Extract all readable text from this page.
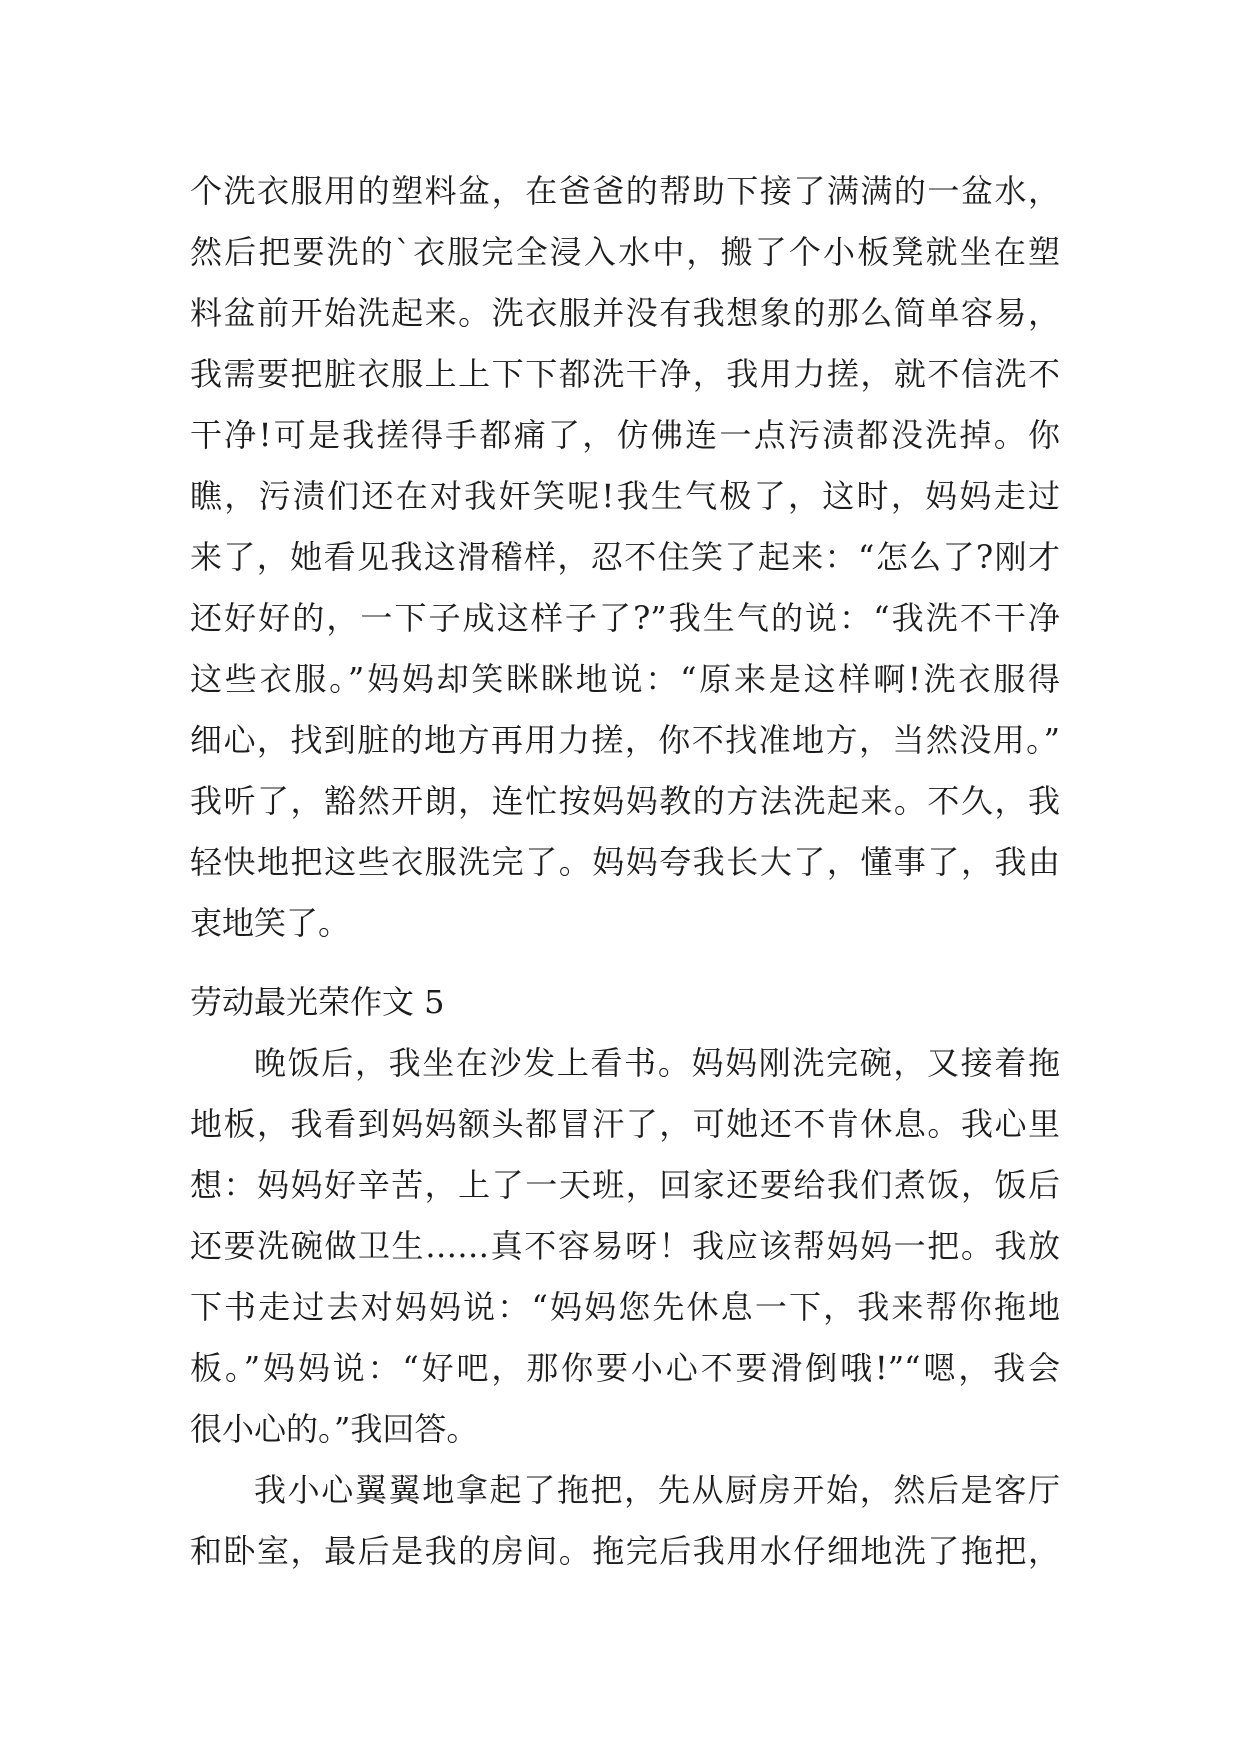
个洗衣服用的塑料盆，在爸爸的帮助下接了满满的一盆水，
然后把要洗的`衣服完全浸入水中，搬了个小板凳就坐在塑
料盆前开始洗起来。洗衣服并没有我想象的那么简单容易，
我需要把脏衣服上上下下都洗干净，我用力搓，就不信洗不
干净!可是我搓得手都痛了，仿佛连一点污渍都没洗掉。你
瞧，污渍们还在对我奸笑呢!我生气极了，这时，妈妈走过
来了，她看见我这滑稽样，忍不住笑了起来：“怎么了?刚才
还好好的，一下子成这样子了?”我生气的说：“我洗不干净
这些衣服。”妈妈却笑眯眯地说：“原来是这样啊!洗衣服得
细心，找到脏的地方再用力搓，你不找准地方，当然没用。”
我听了，豁然开朗，连忙按妈妈教的方法洗起来。不久，我
轻快地把这些衣服洗完了。妈妈夸我长大了，懂事了，我由
衷地笑了。
劳动最光荣作文 5
晚饭后，我坐在沙发上看书。妈妈刚洗完碗，又接着拖
地板，我看到妈妈额头都冒汗了，可她还不肯休息。我心里
想：妈妈好辛苦，上了一天班，回家还要给我们煮饭，饭后
还要洗碗做卫生……真不容易呀！我应该帮妈妈一把。我放
下书走过去对妈妈说：“妈妈您先休息一下，我来帮你拖地
板。”妈妈说：“好吧，那你要小心不要滑倒哦!”“嗯，我会
很小心的。”我回答。
我小心翼翼地拿起了拖把，先从厨房开始，然后是客厅
和卧室，最后是我的房间。拖完后我用水仔细地洗了拖把，
